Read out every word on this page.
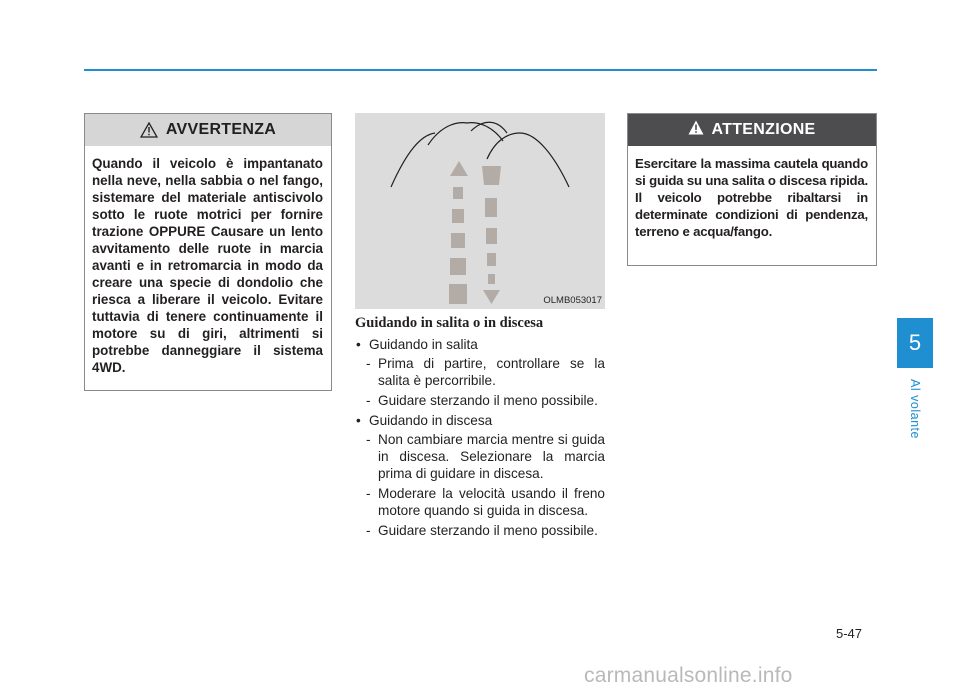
AVVERTENZA
Quando il veicolo è impantanato nella neve, nella sabbia o nel fango, sistemare del materiale antiscivolo sotto le ruote motrici per fornire trazione OPPURE Causare un lento avvitamento delle ruote in marcia avanti e in retromarcia in modo da creare una specie di dondolio che riesca a liberare il veicolo. Evitare tuttavia di tenere continuamente il motore su di giri, altrimenti si potrebbe danneggiare il sistema 4WD.
OLMB053017
Guidando in salita o in discesa
• Guidando in salita
- Prima di partire, controllare se la salita è percorribile.
- Guidare sterzando il meno possibile.
• Guidando in discesa
- Non cambiare marcia mentre si guida in discesa. Selezionare la marcia prima di guidare in discesa.
- Moderare la velocità usando il freno motore quando si guida in discesa.
- Guidare sterzando il meno possibile.
ATTENZIONE
Esercitare la massima cautela quando si guida su una salita o discesa ripida. Il veicolo potrebbe ribaltarsi in determinate condizioni di pendenza, terreno e acqua/fango.
5
Al volante
5-47
carmanualsonline.info
